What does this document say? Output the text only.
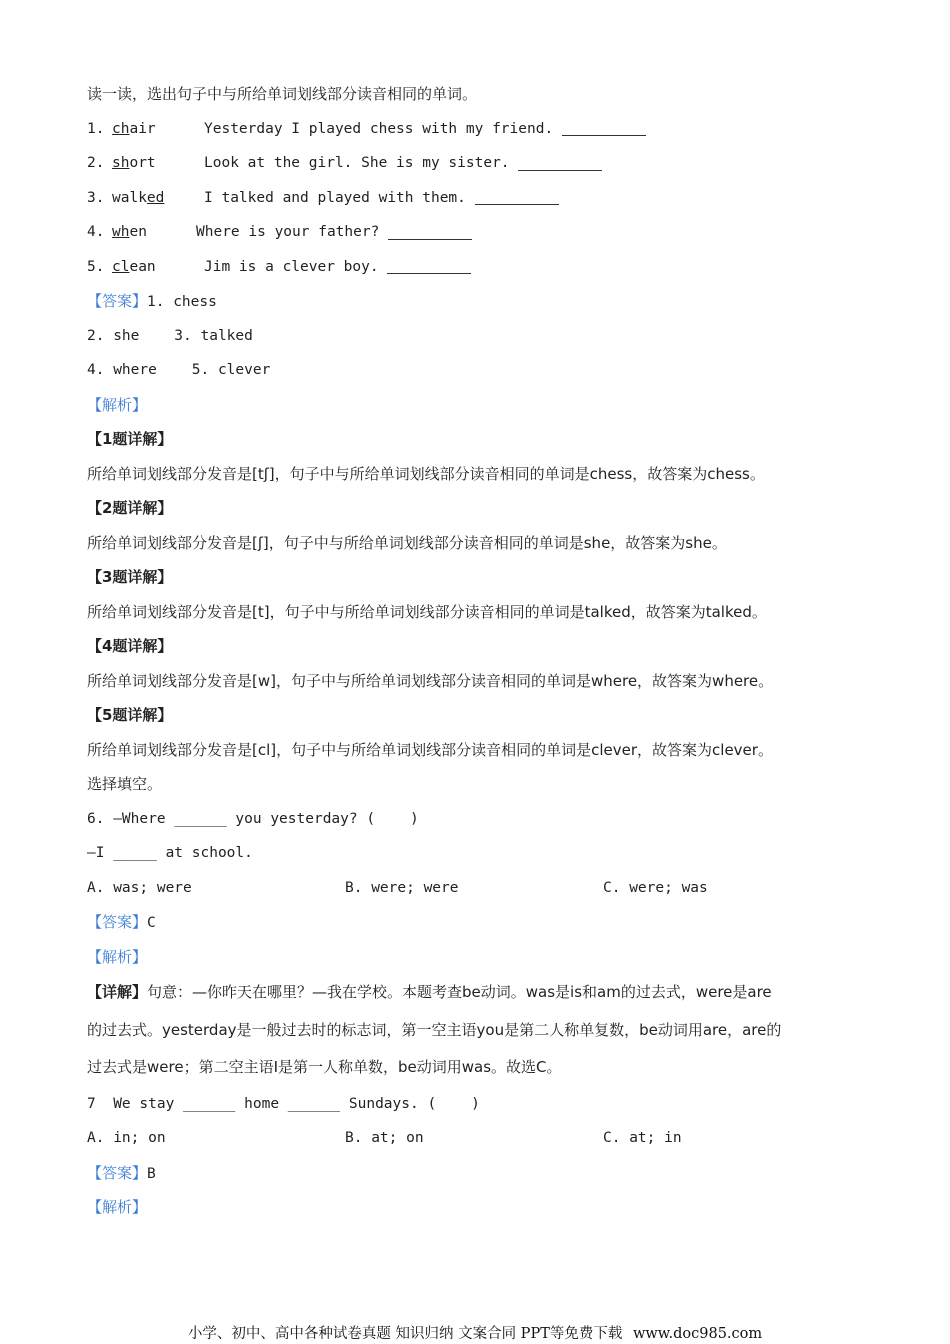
读一读，选出句子中与所给单词划线部分读音相同的单词。
1. chair	Yesterday I played chess with my friend.
2. short	Look at the girl. She is my sister.
3. walked	I talked and played with them.
4. when	Where is your father?
5. clean	Jim is a clever boy.
【答案】1. chess
2. she    3. talked
4. where    5. clever
【解析】
【1题详解】
所给单词划线部分发音是[tʃ]，句子中与所给单词划线部分读音相同的单词是chess，故答案为chess。
【2题详解】
所给单词划线部分发音是[ʃ]，句子中与所给单词划线部分读音相同的单词是she，故答案为she。
【3题详解】
所给单词划线部分发音是[t]，句子中与所给单词划线部分读音相同的单词是talked，故答案为talked。
【4题详解】
所给单词划线部分发音是[w]，句子中与所给单词划线部分读音相同的单词是where，故答案为where。
【5题详解】
所给单词划线部分发音是[cl]，句子中与所给单词划线部分读音相同的单词是clever，故答案为clever。
选择填空。
6. —Where ______ you yesterday? (    )
—I _____ at school.
A. was; were	B. were; were	C. were; was
【答案】C
【解析】
【详解】句意：—你昨天在哪里？—我在学校。本题考查be动词。was是is和am的过去式，were是are
的过去式。yesterday是一般过去时的标志词，第一空主语you是第二人称单复数，be动词用are，are的
过去式是were；第二空主语I是第一人称单数，be动词用was。故选C。
7  We stay ______ home ______ Sundays. (    )
A. in; on	B. at; on	C. at; in
【答案】B
【解析】
小学、初中、高中各种试卷真题 知识归纳 文案合同 PPT等免费下载 www.doc985.com
